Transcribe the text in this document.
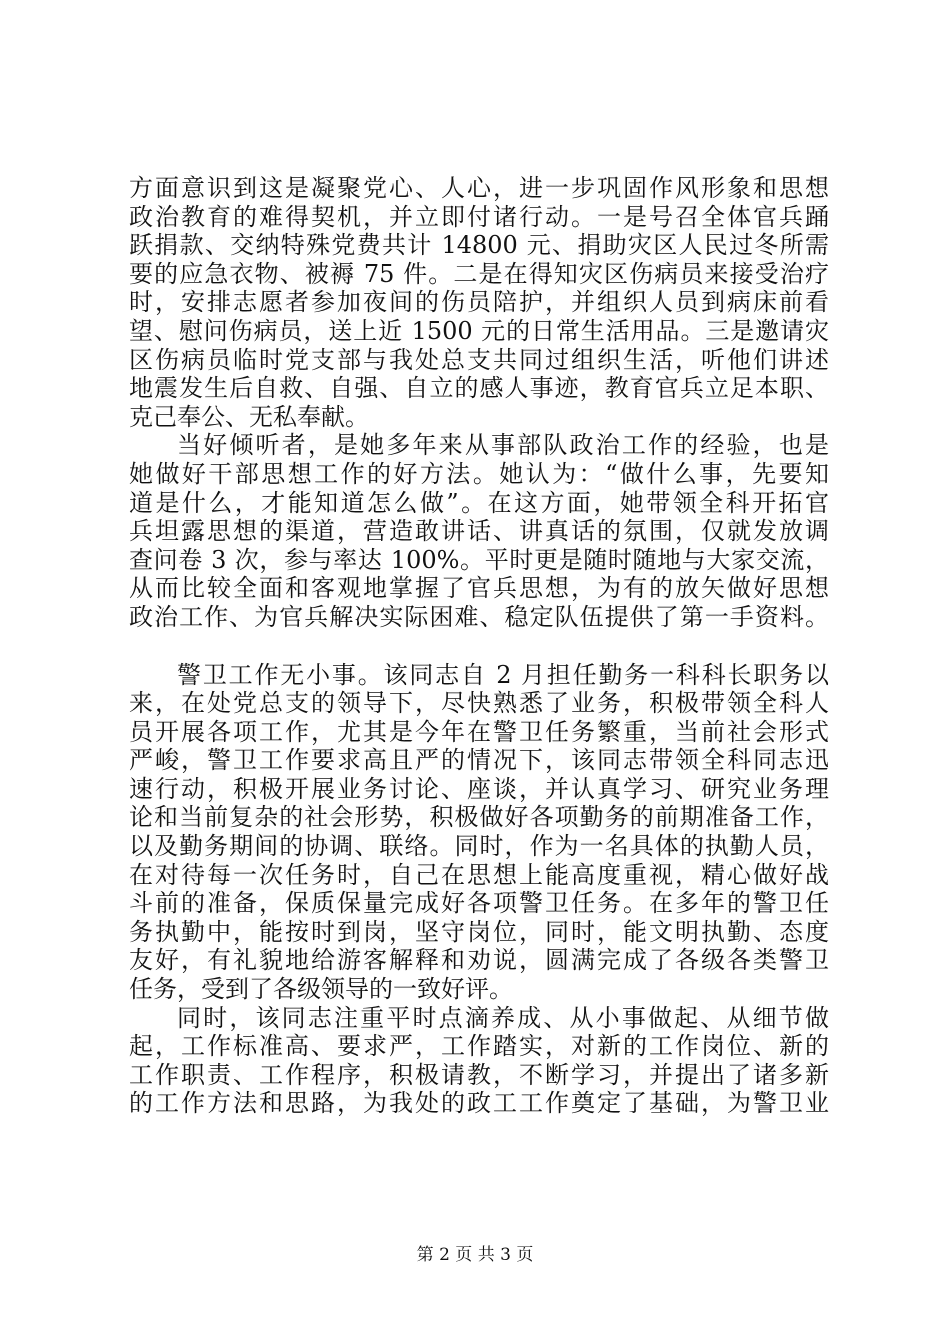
方面意识到这是凝聚党心、人心，进一步巩固作风形象和思想
政治教育的难得契机，并立即付诸行动。一是号召全体官兵踊
跃捐款、交纳特殊党费共计 14800 元、捐助灾区人民过冬所需
要的应急衣物、被褥 75 件。二是在得知灾区伤病员来接受治疗
时，安排志愿者参加夜间的伤员陪护，并组织人员到病床前看
望、慰问伤病员，送上近 1500 元的日常生活用品。三是邀请灾
区伤病员临时党支部与我处总支共同过组织生活，听他们讲述
地震发生后自救、自强、自立的感人事迹，教育官兵立足本职、
克己奉公、无私奉献。
当好倾听者，是她多年来从事部队政治工作的经验，也是
她做好干部思想工作的好方法。她认为：“做什么事，先要知
道是什么，才能知道怎么做”。在这方面，她带领全科开拓官
兵坦露思想的渠道，营造敢讲话、讲真话的氛围，仅就发放调
查问卷 3 次，参与率达 100%。平时更是随时随地与大家交流，
从而比较全面和客观地掌握了官兵思想，为有的放矢做好思想
政治工作、为官兵解决实际困难、稳定队伍提供了第一手资料。
警卫工作无小事。该同志自 2 月担任勤务一科科长职务以
来，在处党总支的领导下，尽快熟悉了业务，积极带领全科人
员开展各项工作，尤其是今年在警卫任务繁重，当前社会形式
严峻，警卫工作要求高且严的情况下，该同志带领全科同志迅
速行动，积极开展业务讨论、座谈，并认真学习、研究业务理
论和当前复杂的社会形势，积极做好各项勤务的前期准备工作，
以及勤务期间的协调、联络。同时，作为一名具体的执勤人员，
在对待每一次任务时，自己在思想上能高度重视，精心做好战
斗前的准备，保质保量完成好各项警卫任务。在多年的警卫任
务执勤中，能按时到岗，坚守岗位，同时，能文明执勤、态度
友好，有礼貌地给游客解释和劝说，圆满完成了各级各类警卫
任务，受到了各级领导的一致好评。
同时，该同志注重平时点滴养成、从小事做起、从细节做
起，工作标准高、要求严，工作踏实，对新的工作岗位、新的
工作职责、工作程序，积极请教，不断学习，并提出了诸多新
的工作方法和思路，为我处的政工工作奠定了基础，为警卫业
第 2 页 共 3 页
